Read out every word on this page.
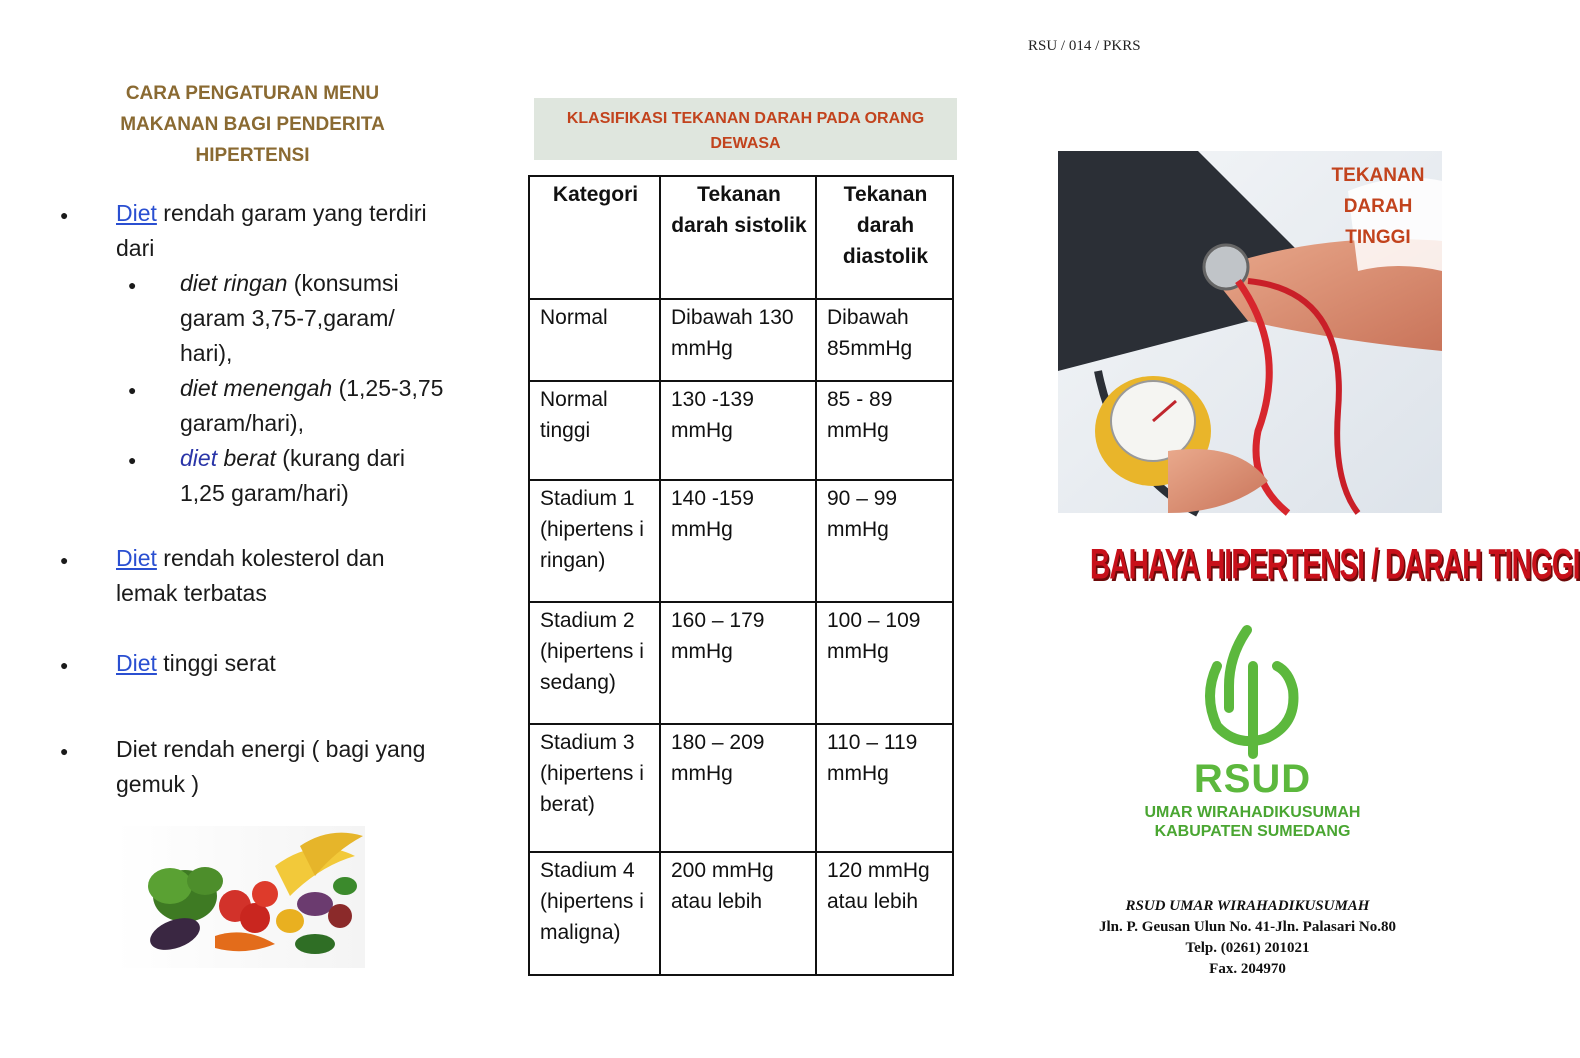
RSU / 014 / PKRS
CARA PENGATURAN MENU
MAKANAN BAGI PENDERITA
HIPERTENSI
● Diet rendah garam yang terdiri dari
● diet ringan (konsumsi garam 3,75-7,garam/ hari),
● diet menengah (1,25-3,75 garam/hari),
● diet berat (kurang dari 1,25 garam/hari)
● Diet rendah kolesterol dan lemak terbatas
● Diet tinggi serat
● Diet rendah energi ( bagi yang gemuk )
KLASIFIKASI TEKANAN DARAH PADA ORANG DEWASA
Kategori	Tekanan darah sistolik	Tekanan darah diastolik
Normal	Dibawah 130 mmHg	Dibawah 85mmHg
Normal tinggi	130 -139 mmHg	85 - 89 mmHg
Stadium 1 (hipertens i ringan)	140 -159 mmHg	90 – 99 mmHg
Stadium 2 (hipertens i sedang)	160 – 179 mmHg	100 – 109 mmHg
Stadium 3 (hipertens i berat)	180 – 209 mmHg	110 – 119 mmHg
Stadium 4 (hipertens i maligna)	200 mmHg atau lebih	120 mmHg atau lebih
TEKANAN
DARAH
TINGGI
BAHAYA HIPERTENSI / DARAH TINGGI
RSUD
UMAR WIRAHADIKUSUMAH
KABUPATEN SUMEDANG
RSUD UMAR WIRAHADIKUSUMAH
Jln. P. Geusan Ulun No. 41-Jln. Palasari No.80
Telp. (0261) 201021
Fax. 204970
